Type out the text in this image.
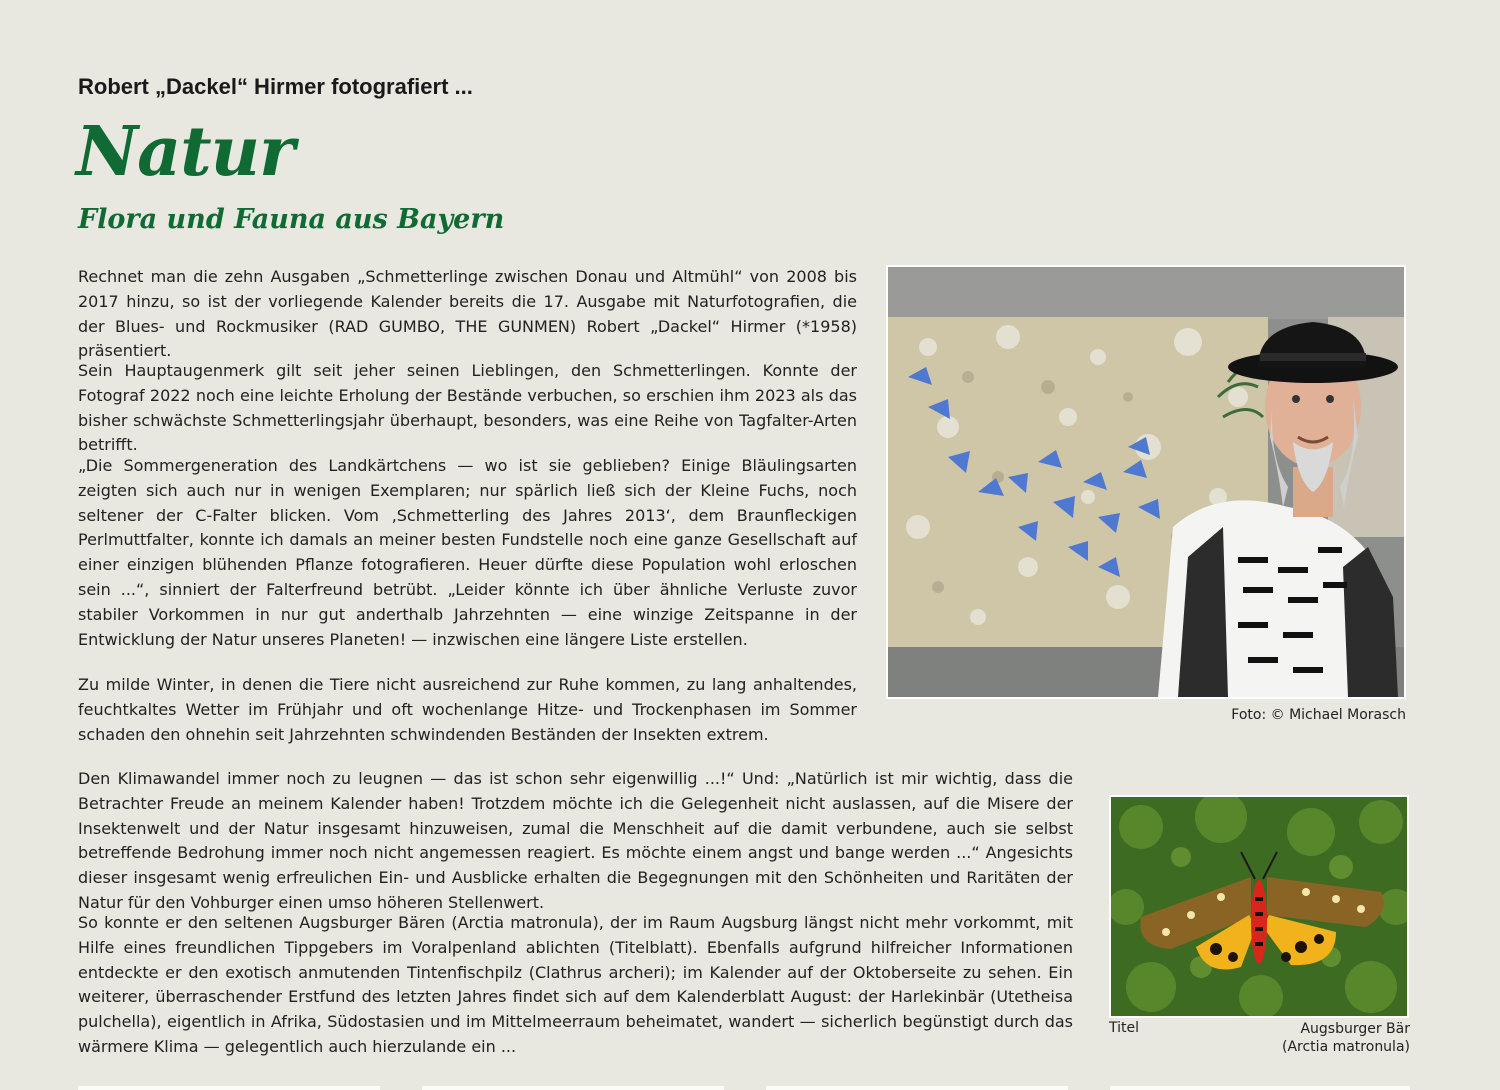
Robert „Dackel“ Hirmer fotografiert ...
Natur
Flora und Fauna aus Bayern

Rechnet man die zehn Ausgaben „Schmetterlinge zwischen Donau und Altmühl“ von 2008 bis 2017 hinzu, so ist der vorliegende Kalender bereits die 17. Ausgabe mit Naturfotografien, die der Blues- und Rockmusiker (RAD GUMBO, THE GUNMEN) Robert „Dackel“ Hirmer (*1958) präsentiert.

Sein Hauptaugenmerk gilt seit jeher seinen Lieblingen, den Schmetterlingen. Konnte der Fotograf 2022 noch eine leichte Erholung der Bestände verbuchen, so erschien ihm 2023 als das bisher schwächste Schmetterlingsjahr überhaupt, besonders, was eine Reihe von Tagfalter-Arten betrifft.

„Die Sommergeneration des Landkärtchens — wo ist sie geblieben? Einige Bläulingsarten zeigten sich auch nur in wenigen Exemplaren; nur spärlich ließ sich der Kleine Fuchs, noch seltener der C-Falter blicken. Vom ‚Schmetterling des Jahres 2013‘, dem Braunfleckigen Perlmuttfalter, konnte ich damals an meiner besten Fundstelle noch eine ganze Gesellschaft auf einer einzigen blühenden Pflanze fotografieren. Heuer dürfte diese Population wohl erloschen sein ...“, sinniert der Falterfreund betrübt. „Leider könnte ich über ähnliche Verluste zuvor stabiler Vorkommen in nur gut anderthalb Jahrzehnten — eine winzige Zeitspanne in der Entwicklung der Natur unseres Planeten! — inzwischen eine längere Liste erstellen.

Zu milde Winter, in denen die Tiere nicht ausreichend zur Ruhe kommen, zu lang anhaltendes, feuchtkaltes Wetter im Frühjahr und oft wochenlange Hitze- und Trockenphasen im Sommer schaden den ohnehin seit Jahrzehnten schwindenden Beständen der Insekten extrem.

Den Klimawandel immer noch zu leugnen — das ist schon sehr eigenwillig ...!“ Und: „Natürlich ist mir wichtig, dass die Betrachter Freude an meinem Kalender haben! Trotzdem möchte ich die Gelegenheit nicht auslassen, auf die Misere der Insektenwelt und der Natur insgesamt hinzuweisen, zumal die Menschheit auf die damit verbundene, auch sie selbst betreffende Bedrohung immer noch nicht angemessen reagiert. Es möchte einem angst und bange werden ...“ Angesichts dieser insgesamt wenig erfreulichen Ein- und Ausblicke erhalten die Begegnungen mit den Schönheiten und Raritäten der Natur für den Vohburger einen umso höheren Stellenwert.

So konnte er den seltenen Augsburger Bären (Arctia matronula), der im Raum Augsburg längst nicht mehr vorkommt, mit Hilfe eines freundlichen Tippgebers im Voralpenland ablichten (Titelblatt). Ebenfalls aufgrund hilfreicher Informationen entdeckte er den exotisch anmutenden Tintenfischpilz (Clathrus archeri); im Kalender auf der Oktoberseite zu sehen. Ein weiterer, überraschender Erstfund des letzten Jahres findet sich auf dem Kalenderblatt August: der Harlekinbär (Utetheisa pulchella), eigentlich in Afrika, Südostasien und im Mittelmeerraum beheimatet, wandert — sicherlich begünstigt durch das wärmere Klima — gelegentlich auch hierzulande ein ...

Foto: © Michael Morasch
Titel	Augsburger Bär
(Arctia matronula)
